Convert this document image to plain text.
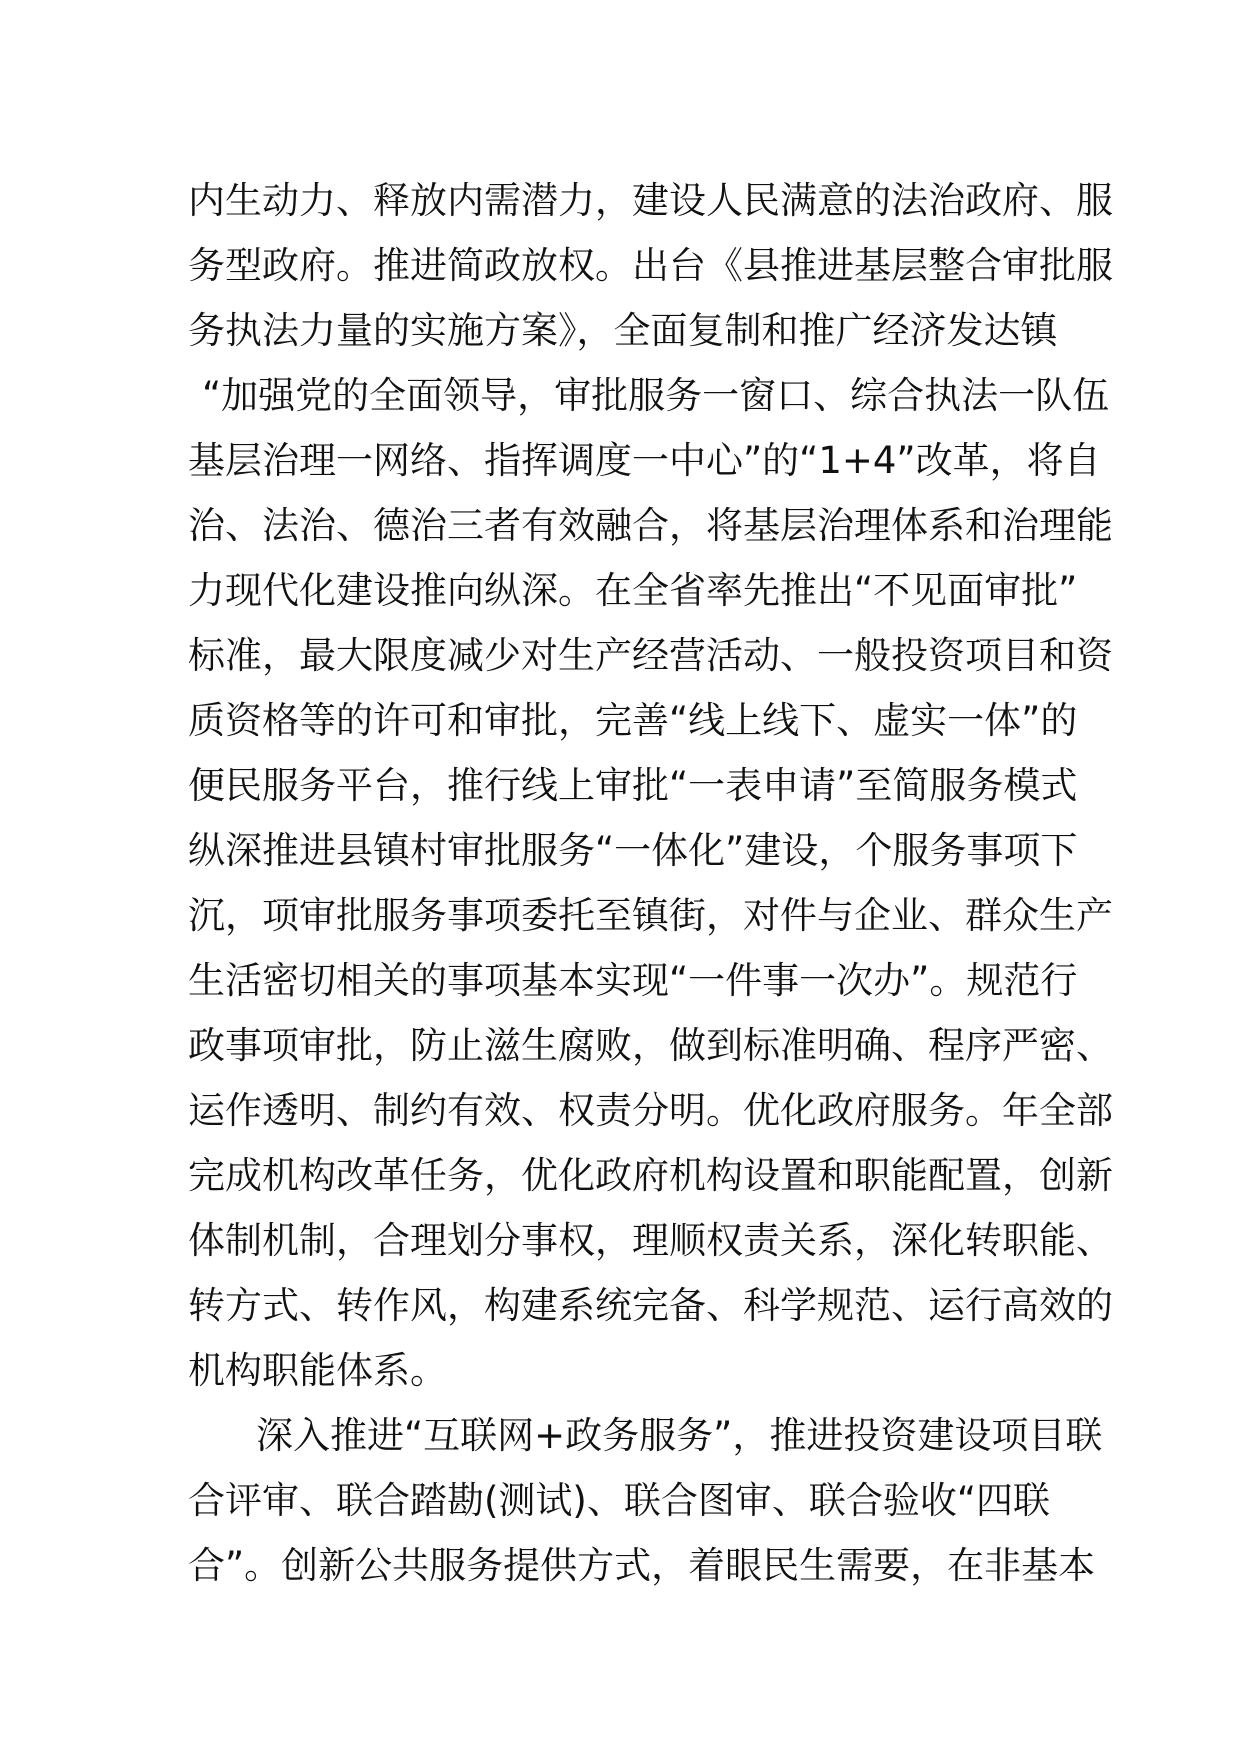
内生动力、释放内需潜力，建设人民满意的法治政府、服
务型政府。推进简政放权。出台《县推进基层整合审批服
务执法力量的实施方案》，全面复制和推广经济发达镇
“加强党的全面领导，审批服务一窗口、综合执法一队伍
基层治理一网络、指挥调度一中心”的“1+4”改革，将自
治、法治、德治三者有效融合，将基层治理体系和治理能
力现代化建设推向纵深。在全省率先推出“不见面审批”
标准，最大限度减少对生产经营活动、一般投资项目和资
质资格等的许可和审批，完善“线上线下、虚实一体”的
便民服务平台，推行线上审批“一表申请”至简服务模式
纵深推进县镇村审批服务“一体化”建设，个服务事项下
沉，项审批服务事项委托至镇街，对件与企业、群众生产
生活密切相关的事项基本实现“一件事一次办”。规范行
政事项审批，防止滋生腐败，做到标准明确、程序严密、
运作透明、制约有效、权责分明。优化政府服务。年全部
完成机构改革任务，优化政府机构设置和职能配置，创新
体制机制，合理划分事权，理顺权责关系，深化转职能、
转方式、转作风，构建系统完备、科学规范、运行高效的
机构职能体系。
深入推进“互联网+政务服务”，推进投资建设项目联
合评审、联合踏勘(测试)、联合图审、联合验收“四联
合”。创新公共服务提供方式，着眼民生需要，在非基本
